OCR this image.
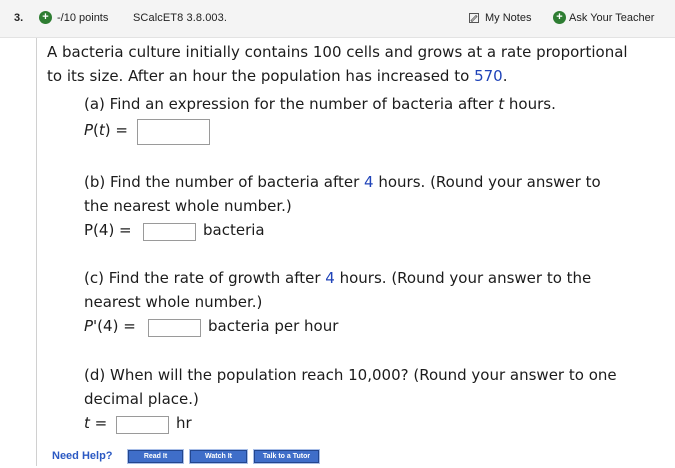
3. + -/10 points SCalcET8 3.8.003.	My Notes + Ask Your Teacher
A bacteria culture initially contains 100 cells and grows at a rate proportional
to its size. After an hour the population has increased to 570.
(a) Find an expression for the number of bacteria after t hours.
P(t) =
(b) Find the number of bacteria after 4 hours. (Round your answer to
the nearest whole number.)
P(4) =	bacteria
(c) Find the rate of growth after 4 hours. (Round your answer to the
nearest whole number.)
P'(4) =	bacteria per hour
(d) When will the population reach 10,000? (Round your answer to one
decimal place.)
t =	hr
Need Help?	Read It	Watch It	Talk to a Tutor
